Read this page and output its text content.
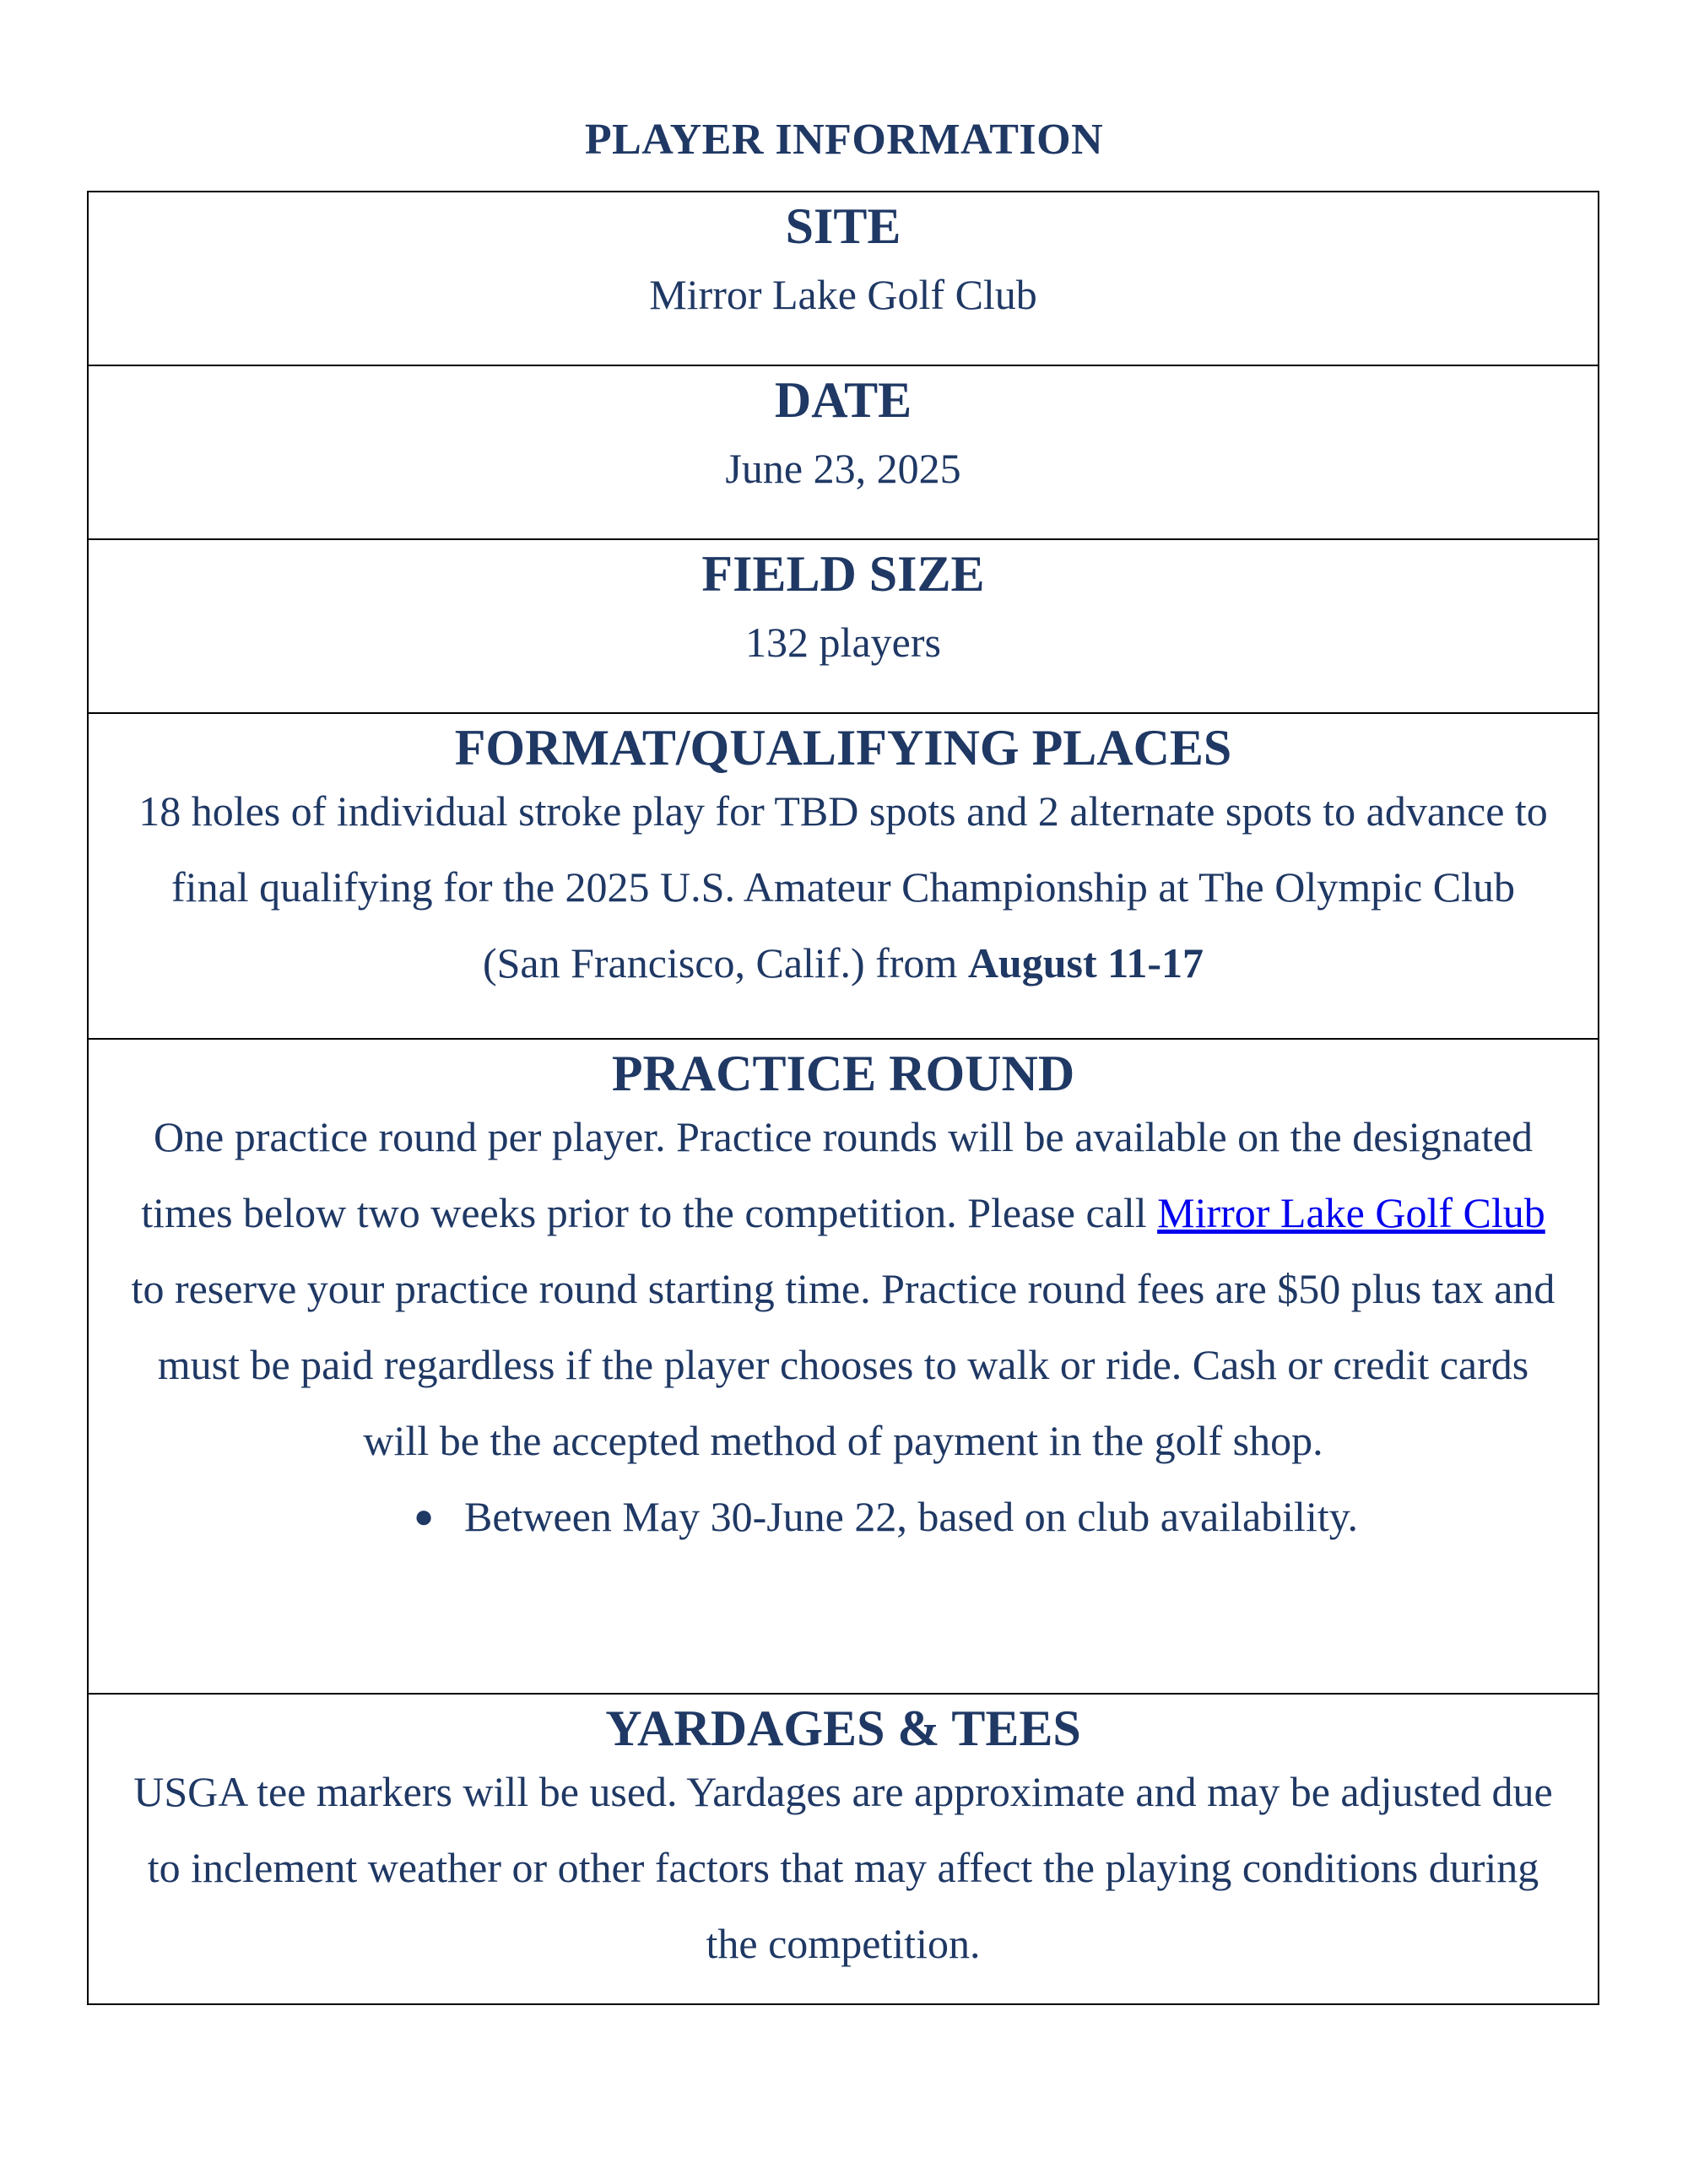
PLAYER INFORMATION
SITE
Mirror Lake Golf Club

DATE
June 23, 2025

FIELD SIZE
132 players

FORMAT/QUALIFYING PLACES
18 holes of individual stroke play for TBD spots and 2 alternate spots to advance to final qualifying for the 2025 U.S. Amateur Championship at The Olympic Club (San Francisco, Calif.) from August 11-17

PRACTICE ROUND
One practice round per player. Practice rounds will be available on the designated times below two weeks prior to the competition. Please call Mirror Lake Golf Club to reserve your practice round starting time. Practice round fees are $50 plus tax and must be paid regardless if the player chooses to walk or ride. Cash or credit cards will be the accepted method of payment in the golf shop.
● Between May 30-June 22, based on club availability.

YARDAGES & TEES
USGA tee markers will be used. Yardages are approximate and may be adjusted due to inclement weather or other factors that may affect the playing conditions during the competition.
